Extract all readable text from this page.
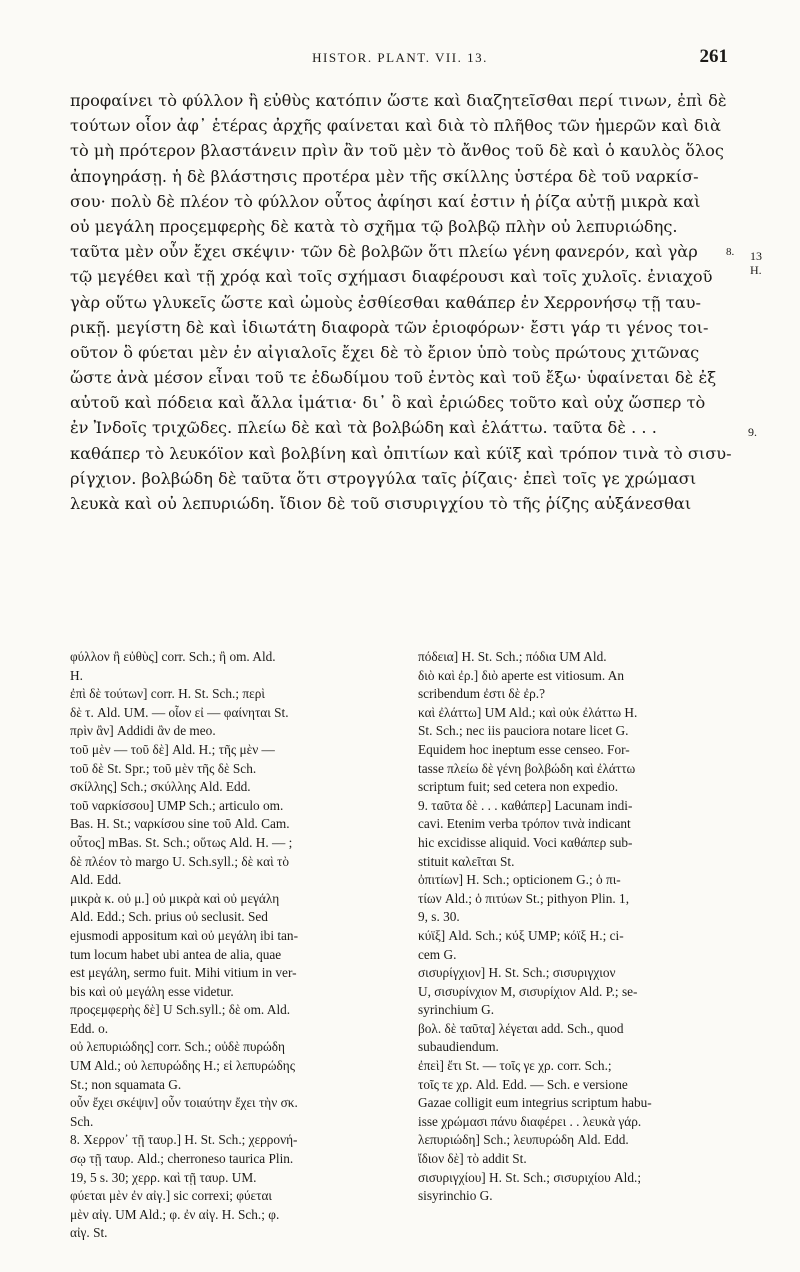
HISTOR. PLANT. VII. 13.	261
προφαίνει τὸ φύλλον ἢ εὐθὺς κατόπιν ὥστε καὶ διαζητεῖσθαι περί τινων, ἐπὶ δὲ
τούτων οἷον ἀφ᾽ ἑτέρας ἀρχῆς φαίνεται καὶ διὰ τὸ πλῆθος τῶν ἡμερῶν καὶ διὰ
τὸ μὴ πρότερον βλαστάνειν πρὶν ἂν τοῦ μὲν τὸ ἄνθος τοῦ δὲ καὶ ὁ καυλὸς ὅλος
ἀπογηράσῃ. ἡ δὲ βλάστησις προτέρα μὲν τῆς σκίλλης ὑστέρα δὲ τοῦ ναρκίσ-
σου· πολὺ δὲ πλέον τὸ φύλλον οὗτος ἀφίησι καί ἐστιν ἡ ῥίζα αὐτῇ μικρὰ καὶ
οὐ μεγάλη προςεμφερὴς δὲ κατὰ τὸ σχῆμα τῷ βολβῷ πλὴν οὐ λεπυριώδης.
ταῦτα μὲν οὖν ἔχει σκέψιν· τῶν δὲ βολβῶν ὅτι πλείω γένη φανερόν, καὶ γὰρ	8. 13 H.
τῷ μεγέθει καὶ τῇ χρόᾳ καὶ τοῖς σχήμασι διαφέρουσι καὶ τοῖς χυλοῖς. ἐνιαχοῦ
γὰρ οὕτω γλυκεῖς ὥστε καὶ ὠμοὺς ἐσθίεσθαι καθάπερ ἐν Χερρονήσῳ τῇ ταυ-
ρικῇ. μεγίστη δὲ καὶ ἰδιωτάτη διαφορὰ τῶν ἐριοφόρων· ἔστι γάρ τι γένος τοι-
οῦτον ὃ φύεται μὲν ἐν αἰγιαλοῖς ἔχει δὲ τὸ ἔριον ὑπὸ τοὺς πρώτους χιτῶνας
ὥστε ἀνὰ μέσον εἶναι τοῦ τε ἐδωδίμου τοῦ ἐντὸς καὶ τοῦ ἔξω· ὑφαίνεται δὲ ἐξ
αὐτοῦ καὶ πόδεια καὶ ἄλλα ἱμάτια· δι᾽ ὃ καὶ ἐριώδες τοῦτο καὶ οὐχ ὥσπερ τὸ
ἐν Ἰνδοῖς τριχῶδες. πλείω δὲ καὶ τὰ βολβώδη καὶ ἐλάττω. ταῦτα δὲ . . .	9.
καθάπερ τὸ λευκόϊον καὶ βολβίνη καὶ ὀπιτίων καὶ κύϊξ καὶ τρόπον τινὰ τὸ σισυ-
ρίγχιον. βολβώδη δὲ ταῦτα ὅτι στρογγύλα ταῖς ῥίζαις· ἐπεὶ τοῖς γε χρώμασι
λευκὰ καὶ οὐ λεπυριώδη. ἴδιον δὲ τοῦ σισυριγχίου τὸ τῆς ῥίζης αὐξάνεσθαι
φύλλον ἢ εὐθὺς] corr. Sch.; ἢ om. Ald.
H.
ἐπὶ δὲ τούτων] corr. H. St. Sch.; περὶ
δὲ τ. Ald. UM. — οἷον εἰ — φαίνηται St.
πρὶν ἂν] Addidi ἂν de meo.
τοῦ μὲν — τοῦ δὲ] Ald. H.; τῆς μὲν —
τοῦ δὲ St. Spr.; τοῦ μὲν τῆς δὲ Sch.
σκίλλης] Sch.; σκύλλης Ald. Edd.
τοῦ ναρκίσσου] UMP Sch.; articulo om.
Bas. H. St.; ναρκίσου sine τοῦ Ald. Cam.
οὗτος] mBas. St. Sch.; οὕτως Ald. H. — ;
δὲ πλέον τὸ margo U. Sch.syll.; δὲ καὶ τὸ
Ald. Edd.
μικρὰ κ. οὐ μ.] οὐ μικρὰ καὶ οὐ μεγάλη
Ald. Edd.; Sch. prius οὐ seclusit. Sed
ejusmodi appositum καὶ οὐ μεγάλη ibi tan-
tum locum habet ubi antea de alia, quae
est μεγάλη, sermo fuit. Mihi vitium in ver-
bis καὶ οὐ μεγάλη esse videtur.
προςεμφερὴς δὲ] U Sch.syll.; δὲ om. Ald.
Edd. ο.
οὐ λεπυριώδης] corr. Sch.; οὐδὲ πυρώδη
UM Ald.; οὐ λεπυρώδης H.; εἰ λεπυρώδης
St.; non squamata G.
οὖν ἔχει σκέψιν] οὖν τοιαύτην ἔχει τὴν σκ.
Sch.
8. Χερρον᾽ τῇ ταυρ.] H. St. Sch.; χερρονή-
σῳ τῇ ταυρ. Ald.; cherroneso taurica Plin.
19, 5 s. 30; χερρ. καὶ τῇ ταυρ. UM.
φύεται μὲν ἐν αἰγ.] sic correxi; φύεται
μὲν αἰγ. UM Ald.; φ. ἐν αἰγ. H. Sch.; φ.
αἰγ. St.
πόδεια] H. St. Sch.; πόδια UM Ald.
διὸ καὶ ἐρ.] διὸ aperte est vitiosum. An
scribendum ἐστι δὲ ἐρ.?
καὶ ἐλάττω] UM Ald.; καὶ οὐκ ἐλάττω H.
St. Sch.; nec iis pauciora notare licet G.
Equidem hoc ineptum esse censeo. For-
tasse πλείω δὲ γένη βολβώδη καὶ ἐλάττω
scriptum fuit; sed cetera non expedio.
9. ταῦτα δὲ . . . καθάπερ] Lacunam indi-
cavi. Etenim verba τρόπον τινὰ indicant
hic excidisse aliquid. Voci καθάπερ sub-
stituit καλεῖται St.
ὀπιτίων] H. Sch.; opticionem G.; ὁ πι-
τίων Ald.; ὁ πιτύων St.; pithyon Plin. 1,
9, s. 30.
κύϊξ] Ald. Sch.; κύξ UMP; κόϊξ H.; ci-
cem G.
σισυρίγχιον] H. St. Sch.; σισυριγχιον
U, σισυρίνχιον M, σισυρίχιον Ald. P.; se-
syrinchium G.
βολ. δὲ ταῦτα] λέγεται add. Sch., quod
subaudiendum.
ἐπεὶ] ἔτι St. — τοῖς γε χρ. corr. Sch.;
τοῖς τε χρ. Ald. Edd. — Sch. e versione
Gazae colligit eum integrius scriptum habu-
isse χρώμασι πάνυ διαφέρει . . λευκὰ γάρ.
λεπυριώδη] Sch.; λευπυρώδη Ald. Edd.
ἴδιον δὲ] τὸ addit St.
σισυριγχίου] H. St. Sch.; σισυριχίου Ald.;
sisyrinchio G.
